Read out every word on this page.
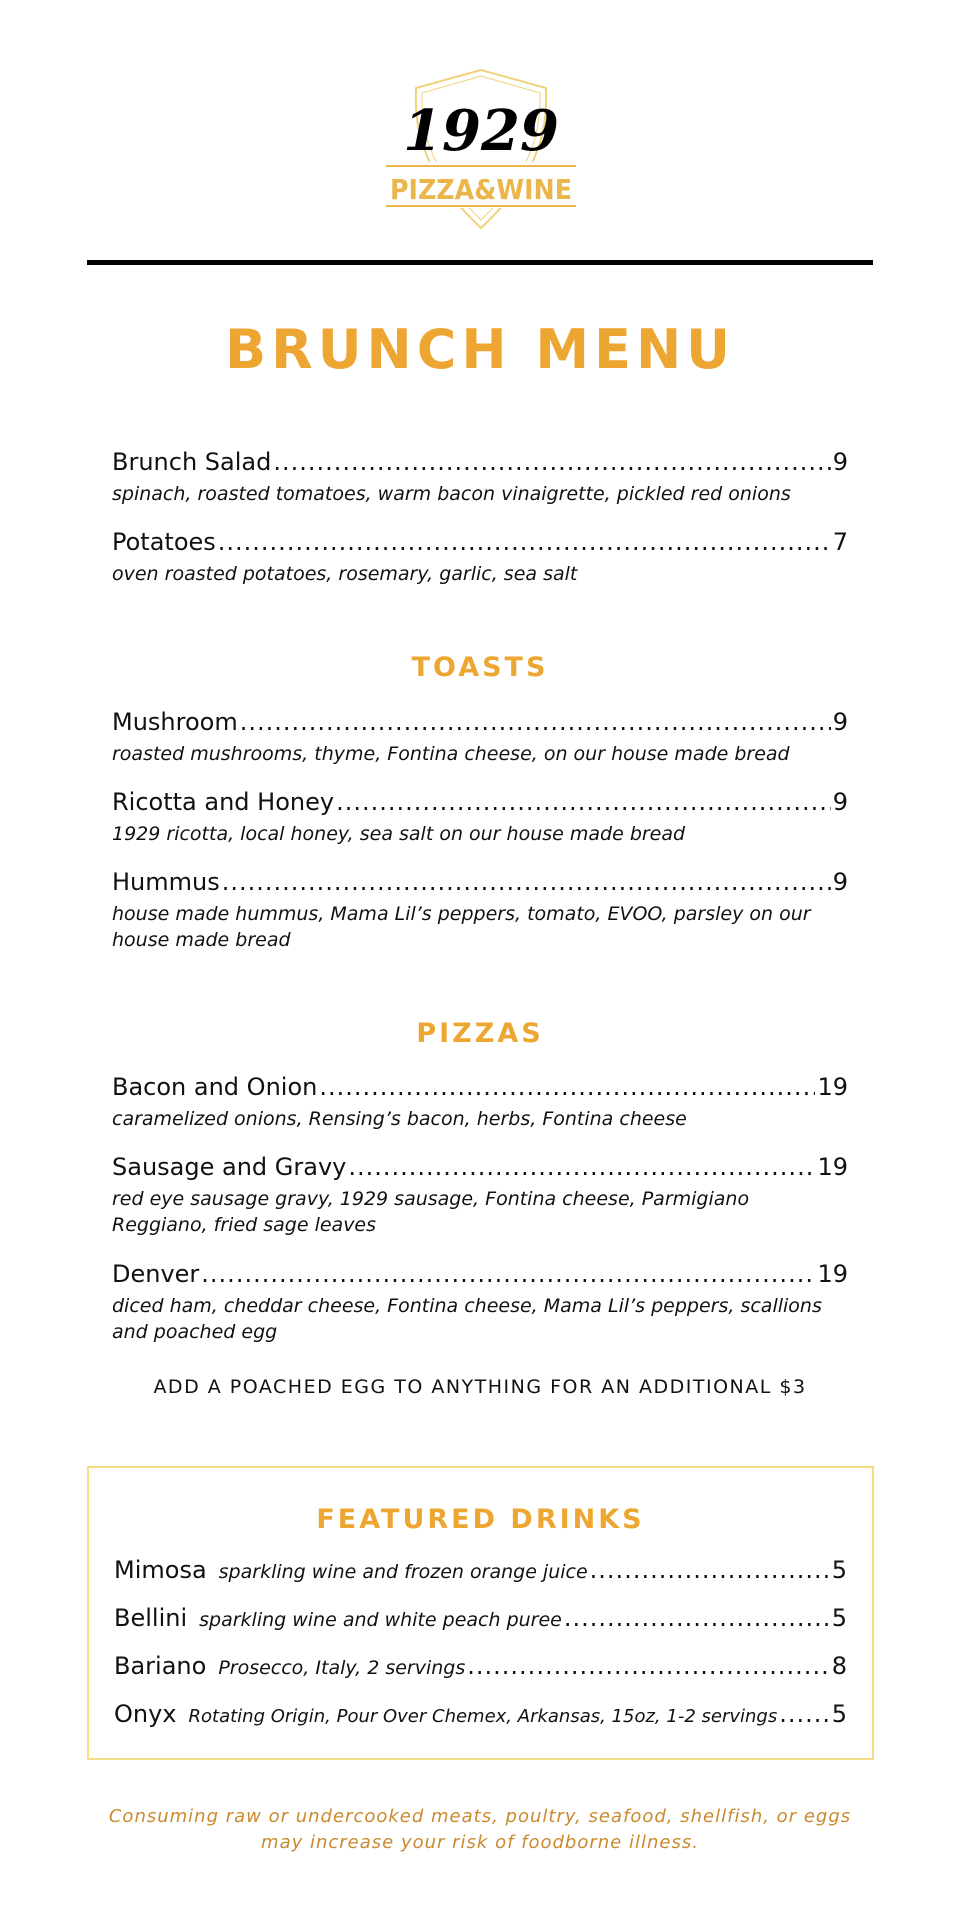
1929
PIZZA&WINE
BRUNCH MENU
Brunch Salad .....	9
spinach, roasted tomatoes, warm bacon vinaigrette, pickled red onions
Potatoes .....	7
oven roasted potatoes, rosemary, garlic, sea salt
TOASTS
Mushroom .....	9
roasted mushrooms, thyme, Fontina cheese, on our house made bread
Ricotta and Honey .....	9
1929 ricotta, local honey, sea salt on our house made bread
Hummus .....	9
house made hummus, Mama Lil’s peppers, tomato, EVOO, parsley on our house made bread
PIZZAS
Bacon and Onion .....	19
caramelized onions, Rensing’s bacon, herbs, Fontina cheese
Sausage and Gravy .....	19
red eye sausage gravy, 1929 sausage, Fontina cheese, Parmigiano Reggiano, fried sage leaves
Denver .....	19
diced ham, cheddar cheese, Fontina cheese, Mama Lil’s peppers, scallions and poached egg
ADD A POACHED EGG TO ANYTHING FOR AN ADDITIONAL $3
FEATURED DRINKS
Mimosa sparkling wine and frozen orange juice .....	5
Bellini sparkling wine and white peach puree .....	5
Bariano Prosecco, Italy, 2 servings .....	8
Onyx Rotating Origin, Pour Over Chemex, Arkansas, 15oz, 1-2 servings ..... 5
Consuming raw or undercooked meats, poultry, seafood, shellfish, or eggs
may increase your risk of foodborne illness.
